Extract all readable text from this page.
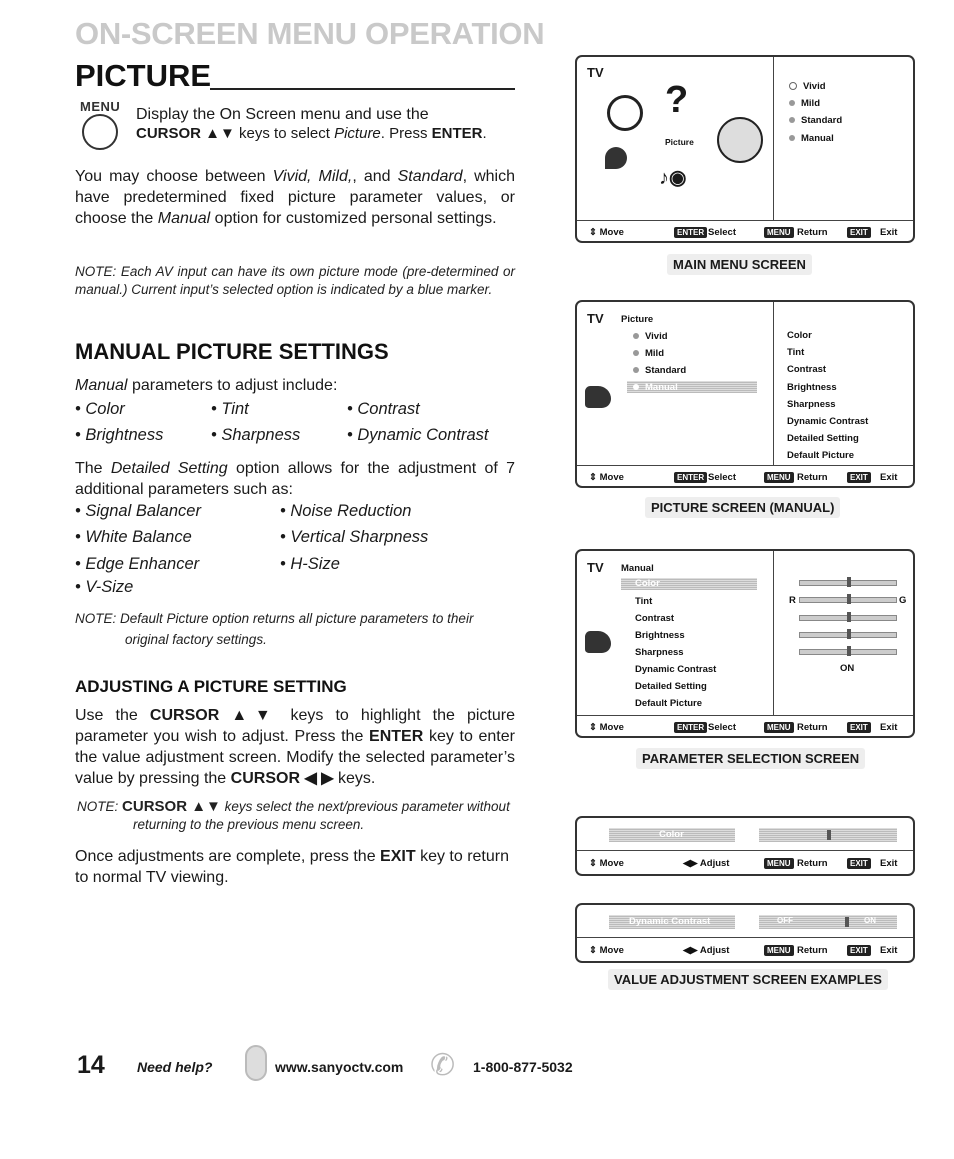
ON-SCREEN MENU OPERATION
PICTURE
MENU Display the On Screen menu and use the
CURSOR ▲▼ keys to select Picture. Press ENTER.
You may choose between Vivid, Mild,, and Standard, which have predetermined fixed picture parameter values, or choose the Manual option for customized personal settings.
NOTE: Each AV input can have its own picture mode (pre-determined or manual.) Current input’s selected option is indicated by a blue marker.
MANUAL PICTURE SETTINGS
Manual parameters to adjust include:
• Color	• Tint	• Contrast
• Brightness	• Sharpness	• Dynamic Contrast
The Detailed Setting option allows for the adjustment of 7 additional parameters such as:
• Signal Balancer	• Noise Reduction
• White Balance	• Vertical Sharpness
• Edge Enhancer	• H-Size
• V-Size
NOTE: Default Picture option returns all picture parameters to their original factory settings.
ADJUSTING A PICTURE SETTING
Use the CURSOR ▲▼ keys to highlight the picture parameter you wish to adjust. Press the ENTER key to enter the value adjustment screen. Modify the selected parameter’s value by pressing the CURSOR ◀ ▶ keys.
NOTE: CURSOR ▲▼ keys select the next/previous parameter without returning to the previous menu screen.
Once adjustments are complete, press the EXIT key to return to normal TV viewing.
TV
?
♪◉
Picture
Vivid
Mild
Standard
Manual
⇕ Move	ENTER Select	MENU Return	EXIT	Exit
MAIN MENU SCREEN
TV Picture
Vivid
Mild
Standard
Manual
Color
Tint
Contrast
Brightness
Sharpness
Dynamic Contrast
Detailed Setting
Default Picture
⇕ Move	ENTER Select	MENU Return	EXIT	Exit
PICTURE SCREEN (MANUAL)
TV Manual
Color
Tint
Contrast
Brightness
Sharpness
Dynamic Contrast
Detailed Setting
Default Picture
R	G
ON
⇕ Move	ENTER Select	MENU Return	EXIT	Exit
PARAMETER SELECTION SCREEN
Color
⇕ Move	◀▶ Adjust	MENU Return	EXIT	Exit
Dynamic Contrast	OFF	ON
⇕ Move	◀▶ Adjust	MENU Return	EXIT	Exit
VALUE ADJUSTMENT SCREEN EXAMPLES
14 Need help?	www.sanyoctv.com ✆ 1-800-877-5032
